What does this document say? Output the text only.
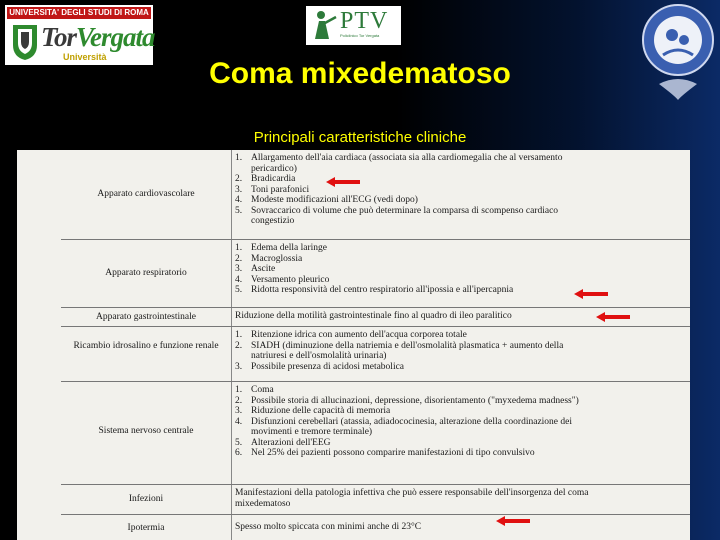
UNIVERSITA' DEGLI STUDI DI ROMA
TorVergata
Università
PTV
Policlinico Tor Vergata
Coma mixedematoso
Principali caratteristiche cliniche
Apparato cardiovascolare
1. Allargamento dell'aia cardiaca (associata sia alla cardiomegalia che al versamento pericardico)
2. Bradicardia
3. Toni parafonici
4. Modeste modificazioni all'ECG (vedi dopo)
5. Sovraccarico di volume che può determinare la comparsa di scompenso cardiaco congestizio
Apparato respiratorio
1. Edema della laringe
2. Macroglossia
3. Ascite
4. Versamento pleurico
5. Ridotta responsività del centro respiratorio all'ipossia e all'ipercapnia
Apparato gastrointestinale	Riduzione della motilità gastrointestinale fino al quadro di ileo paralitico
Ricambio idrosalino e funzione renale
1. Ritenzione idrica con aumento dell'acqua corporea totale
2. SIADH (diminuzione della natriemia e dell'osmolalità plasmatica + aumento della natriuresi e dell'osmolalità urinaria)
3. Possibile presenza di acidosi metabolica
Sistema nervoso centrale
1. Coma
2. Possibile storia di allucinazioni, depressione, disorientamento ("myxedema madness")
3. Riduzione delle capacità di memoria
4. Disfunzioni cerebellari (atassia, adiadococinesia, alterazione della coordinazione dei movimenti e tremore terminale)
5. Alterazioni dell'EEG
6. Nel 25% dei pazienti possono comparire manifestazioni di tipo convulsivo
Infezioni
Manifestazioni della patologia infettiva che può essere responsabile dell'insorgenza del coma mixedematoso
Ipotermia	Spesso molto spiccata con minimi anche di 23°C
